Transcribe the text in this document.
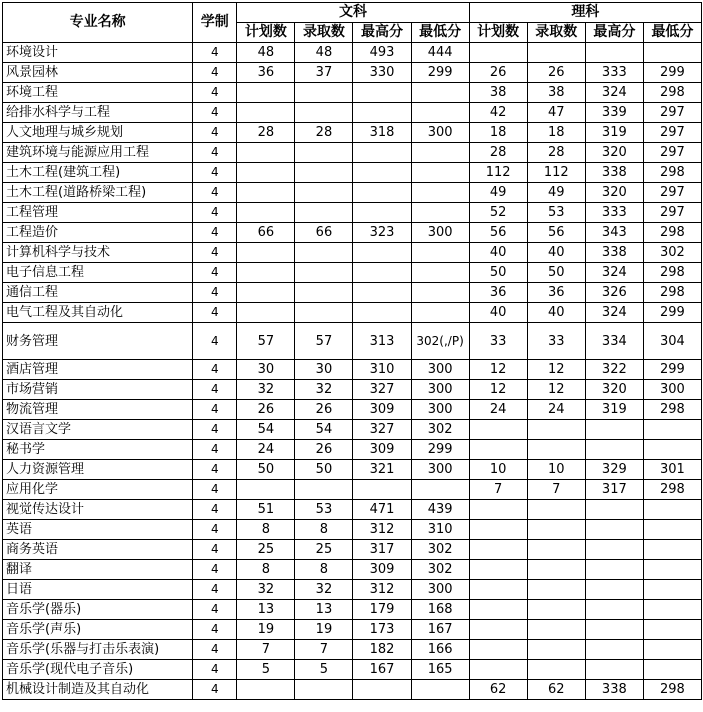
专业名称	学制	文科				理科			
		计划数	录取数	最高分	最低分	计划数	录取数	最高分	最低分
环境设计	4	48	48	493	444				
风景园林	4	36	37	330	299	26	26	333	299
环境工程	4					38	38	324	298
给排水科学与工程	4					42	47	339	297
人文地理与城乡规划	4	28	28	318	300	18	18	319	297
建筑环境与能源应用工程	4					28	28	320	297
土木工程(建筑工程)	4					112	112	338	298
土木工程(道路桥梁工程)	4					49	49	320	297
工程管理	4					52	53	333	297
工程造价	4	66	66	323	300	56	56	343	298
计算机科学与技术	4					40	40	338	302
电子信息工程	4					50	50	324	298
通信工程	4					36	36	326	298
电气工程及其自动化	4					40	40	324	299
财务管理	4	57	57	313	302(,/P)	33	33	334	304
酒店管理	4	30	30	310	300	12	12	322	299
市场营销	4	32	32	327	300	12	12	320	300
物流管理	4	26	26	309	300	24	24	319	298
汉语言文学	4	54	54	327	302				
秘书学	4	24	26	309	299				
人力资源管理	4	50	50	321	300	10	10	329	301
应用化学	4					7	7	317	298
视觉传达设计	4	51	53	471	439				
英语	4	8	8	312	310				
商务英语	4	25	25	317	302				
翻译	4	8	8	309	302				
日语	4	32	32	312	300				
音乐学(器乐)	4	13	13	179	168				
音乐学(声乐)	4	19	19	173	167				
音乐学(乐器与打击乐表演)	4	7	7	182	166				
音乐学(现代电子音乐)	4	5	5	167	165				
机械设计制造及其自动化	4					62	62	338	298
